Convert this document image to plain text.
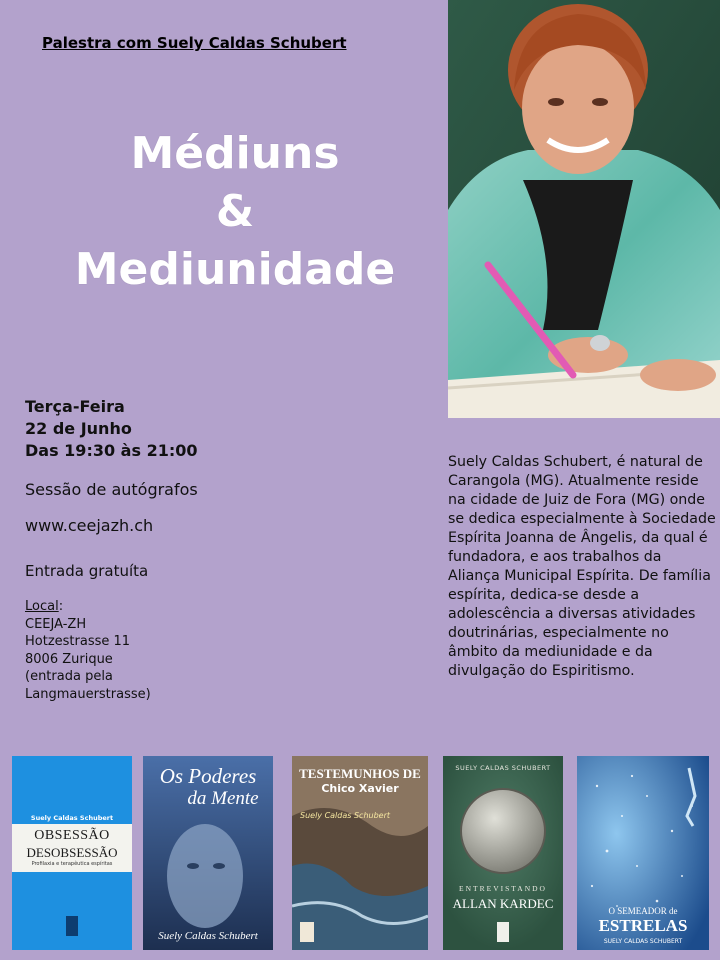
Palestra com Suely Caldas Schubert
Médiuns
&
Mediunidade
Terça-Feira
22 de Junho
Das 19:30 às 21:00
Sessão de autógrafos
www.ceejazh.ch
Entrada gratuíta
Local:
CEEJA-ZH
Hotzestrasse 11
8006 Zurique
(entrada pela
Langmauerstrasse)
Suely Caldas Schubert, é natural de Carangola (MG). Atualmente reside na cidade de Juiz de Fora (MG) onde se dedica especialmente à Sociedade Espírita Joanna de Ângelis, da qual é fundadora, e aos trabalhos da Aliança Municipal Espírita. De família espírita, dedica-se desde a adolescência a diversas atividades doutrinárias, especialmente no âmbito da mediunidade e da divulgação do Espiritismo.
Suely Caldas Schubert
OBSESSÃO
DESOBSESSÃO
Profilaxia e terapêutica espíritas
Os Poderes
da Mente
Suely Caldas Schubert
TESTEMUNHOS DE
Chico Xavier
Suely Caldas Schubert
SUELY CALDAS SCHUBERT
ENTREVISTANDO
ALLAN KARDEC	O SEMEADOR de
ESTRELAS
SUELY CALDAS SCHUBERT
